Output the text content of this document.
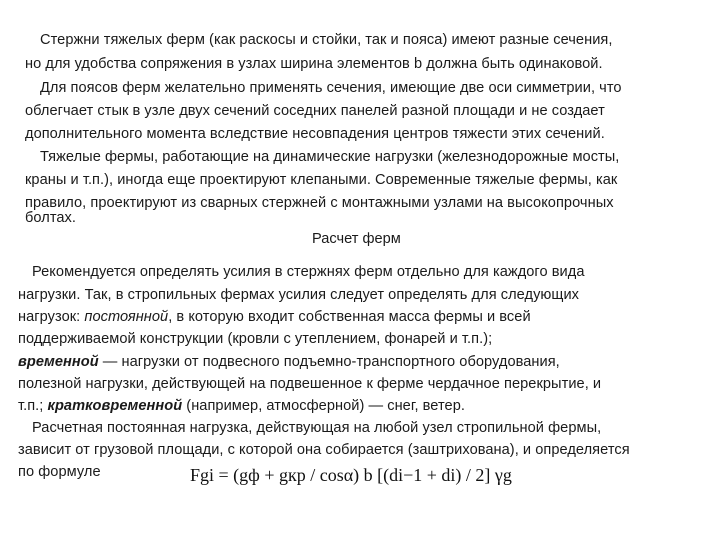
Стержни тяжелых ферм (как раскосы и стойки, так и пояса) имеют разные сечения,
но для удобства сопряжения в узлах ширина элементов b должна быть одинаковой.
Для поясов ферм желательно применять сечения, имеющие две оси симметрии, что
облегчает стык в узле двух сечений соседних панелей разной площади и не создает
дополнительного момента вследствие несовпадения центров тяжести этих сечений.
Тяжелые фермы, работающие на динамические нагрузки (железнодорожные мосты,
краны и т.п.), иногда еще проектируют клепаными. Современные тяжелые фермы, как
правило, проектируют из сварных стержней с монтажными узлами на высокопрочных
болтах.
Расчет ферм
Рекомендуется определять усилия в стержнях ферм отдельно для каждого вида
нагрузки. Так, в стропильных фермах усилия следует определять для следующих
нагрузок: постоянной, в которую входит собственная масса фермы и всей
поддерживаемой конструкции (кровли с утеплением, фонарей и т.п.);
временной — нагрузки от подвесного подъемно-транспортного оборудования,
полезной нагрузки, действующей на подвешенное к ферме чердачное перекрытие, и
т.п.; кратковременной (например, атмосферной) — снег, ветер.
Расчетная постоянная нагрузка, действующая на любой узел стропильной фермы,
зависит от грузовой площади, с которой она собирается (заштрихована), и определяется
по формуле	Fgi = (gф + gкр / cosα) b [(di−1 + di) / 2] γg
